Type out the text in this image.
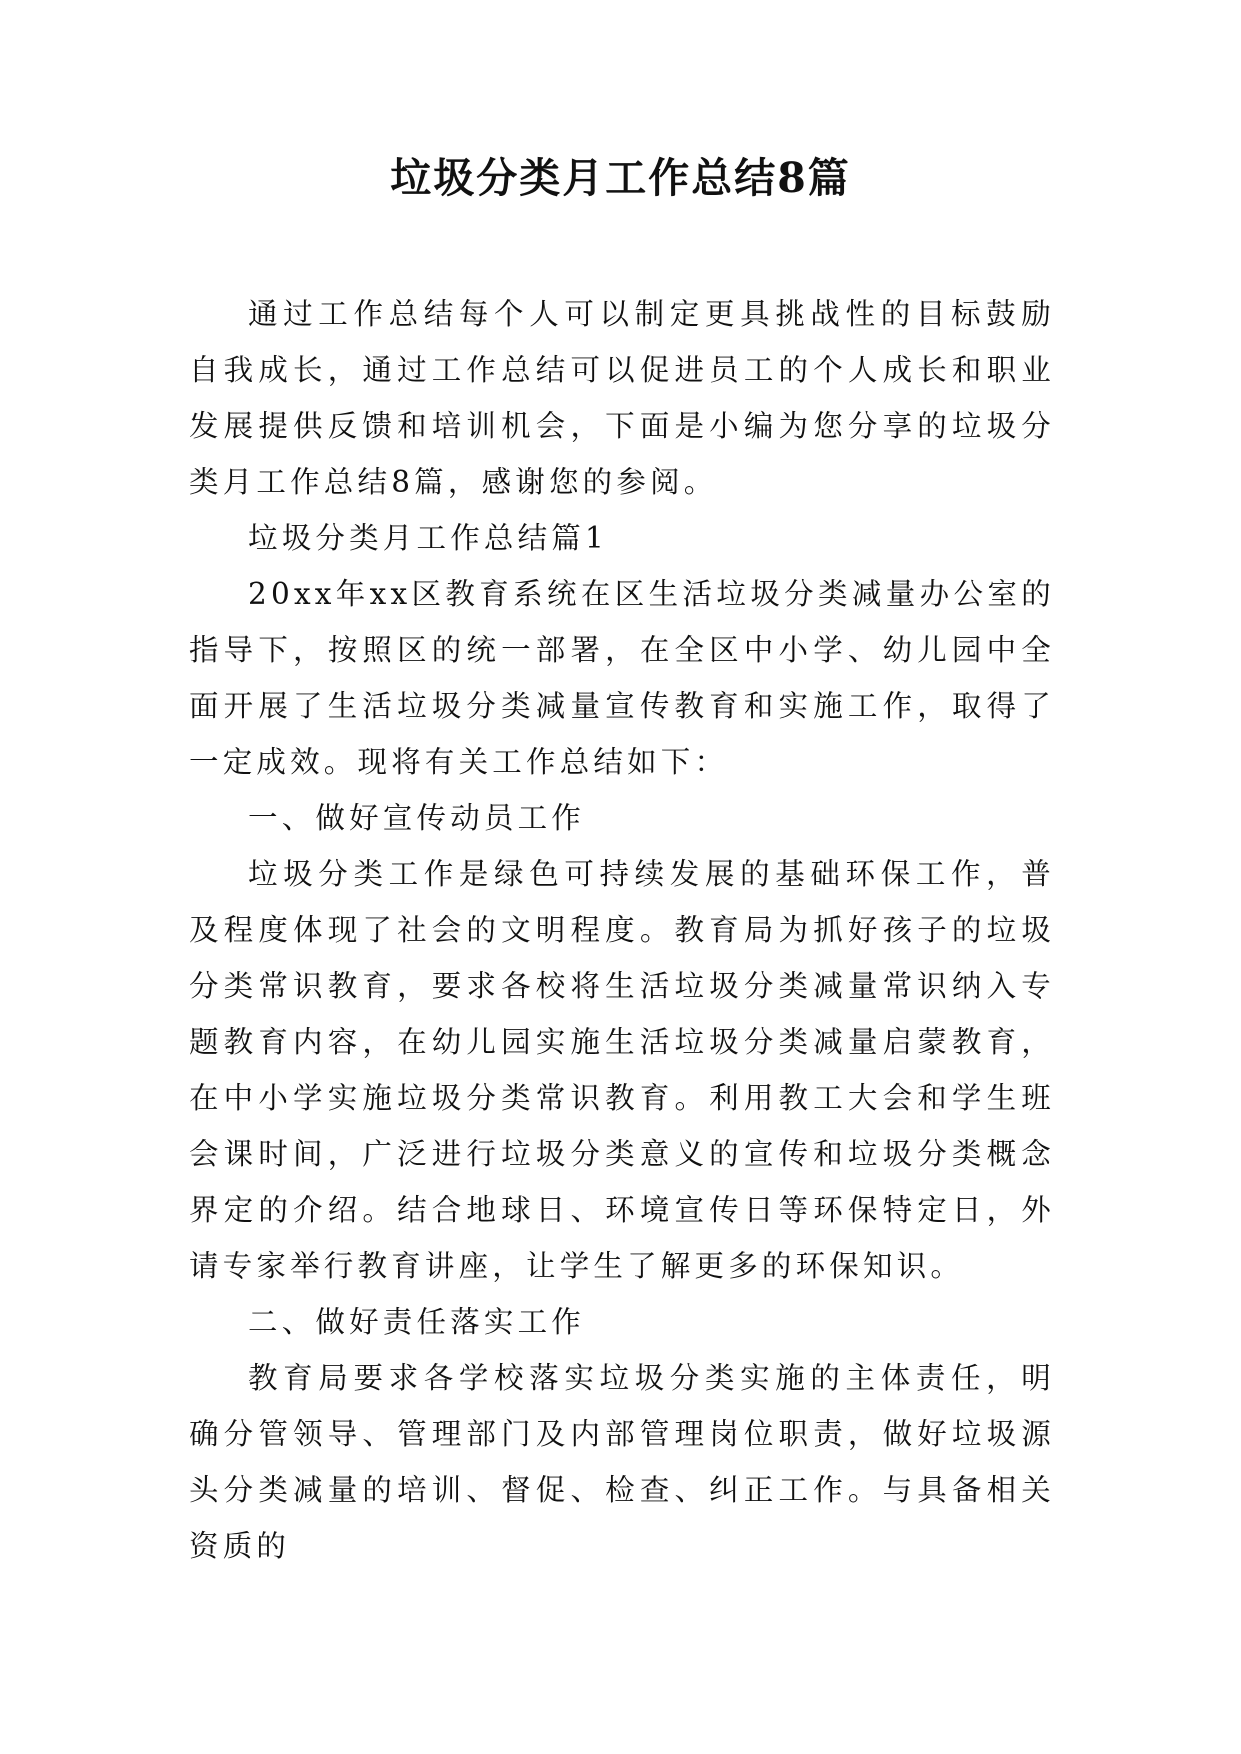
垃圾分类月工作总结8篇

通过工作总结每个人可以制定更具挑战性的目标鼓励自我成长，通过工作总结可以促进员工的个人成长和职业发展提供反馈和培训机会，下面是小编为您分享的垃圾分类月工作总结8篇，感谢您的参阅。

垃圾分类月工作总结篇1

20xx年xx区教育系统在区生活垃圾分类减量办公室的指导下，按照区的统一部署，在全区中小学、幼儿园中全面开展了生活垃圾分类减量宣传教育和实施工作，取得了一定成效。现将有关工作总结如下：

一、做好宣传动员工作

垃圾分类工作是绿色可持续发展的基础环保工作，普及程度体现了社会的文明程度。教育局为抓好孩子的垃圾分类常识教育，要求各校将生活垃圾分类减量常识纳入专题教育内容，在幼儿园实施生活垃圾分类减量启蒙教育，在中小学实施垃圾分类常识教育。利用教工大会和学生班会课时间，广泛进行垃圾分类意义的宣传和垃圾分类概念界定的介绍。结合地球日、环境宣传日等环保特定日，外请专家举行教育讲座，让学生了解更多的环保知识。

二、做好责任落实工作

教育局要求各学校落实垃圾分类实施的主体责任，明确分管领导、管理部门及内部管理岗位职责，做好垃圾源头分类减量的培训、督促、检查、纠正工作。与具备相关资质的
